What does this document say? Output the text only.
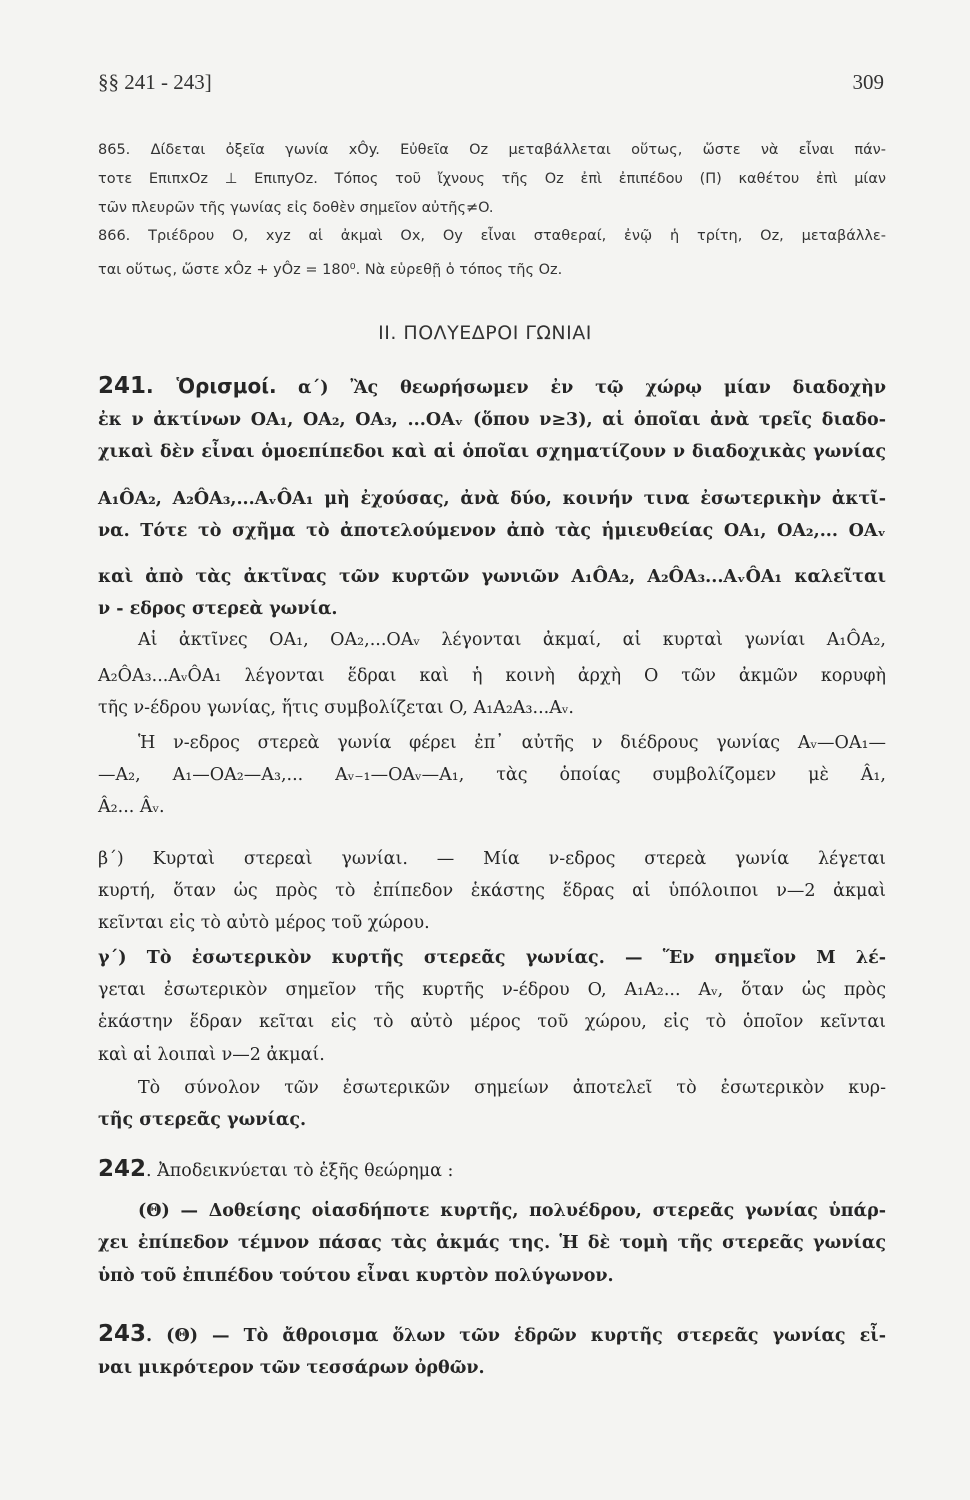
§§ 241 - 243]	309
865. Δίδεται ὀξεῖα γωνία xÔy. Εὐθεῖα Oz μεταβάλλεται οὕτως, ὥστε νὰ εἶναι πάν-
τοτε ΕπιπxOz ⊥ ΕπιπyOz. Τόπος τοῦ ἴχνους τῆς Oz ἐπὶ ἐπιπέδου (Π) καθέτου ἐπὶ μίαν
τῶν πλευρῶν τῆς γωνίας εἰς δοθὲν σημεῖον αὐτῆς≠O.
866. Τριέδρου O, xyz αἱ ἀκμαὶ Ox, Oy εἶναι σταθεραί, ἐνῷ ἡ τρίτη, Oz, μεταβάλλε-
ται οὕτως, ὥστε xÔz + yÔz = 180⁰. Νὰ εὑρεθῇ ὁ τόπος τῆς Oz.
II. ΠΟΛΥΕΔΡΟΙ ΓΩΝΙΑΙ

241. Ὁρισμοί. α΄) Ἂς θεωρήσωμεν ἐν τῷ χώρῳ μίαν διαδοχὴν

ἐκ ν ἀκτίνων OA₁, OA₂, OA₃, ...OAᵥ (ὅπου ν≥3), αἱ ὁποῖαι ἀνὰ τρεῖς διαδο-

χικαὶ δὲν εἶναι ὁμοεπίπεδοι καὶ αἱ ὁποῖαι σχηματίζουν ν διαδοχικὰς γωνίας

A₁ÔA₂, A₂ÔA₃,...AᵥÔA₁ μὴ ἐχούσας, ἀνὰ δύο, κοινήν τινα ἐσωτερικὴν ἀκτῖ-

να. Τότε τὸ σχῆμα τὸ ἀποτελούμενον ἀπὸ τὰς ἡμιευθείας OA₁, OA₂,... OAᵥ

καὶ ἀπὸ τὰς ἀκτῖνας τῶν κυρτῶν γωνιῶν A₁ÔA₂, A₂ÔA₃...AᵥÔA₁ καλεῖται

ν - εδρος στερεὰ γωνία.

Αἱ ἀκτῖνες OA₁, OA₂,...OAᵥ λέγονται ἀκμαί, αἱ κυρταὶ γωνίαι A₁ÔA₂,

A₂ÔA₃...AᵥÔA₁ λέγονται ἕδραι καὶ ἡ κοινὴ ἀρχὴ O τῶν ἀκμῶν κορυφὴ

τῆς ν-έδρου γωνίας, ἥτις συμβολίζεται O, A₁A₂A₃...Aᵥ.

Ἡ ν-εδρος στερεὰ γωνία φέρει ἐπ᾿ αὐτῆς ν διέδρους γωνίας Aᵥ—OA₁—

—A₂, A₁—OA₂—A₃,... Aᵥ₋₁—OAᵥ—A₁, τὰς ὁποίας συμβολίζομεν μὲ Â₁,

Â₂... Âᵥ.

β΄) Κυρταὶ στερεαὶ γωνίαι. — Μία ν-εδρος στερεὰ γωνία λέγεται

κυρτή, ὅταν ὡς πρὸς τὸ ἐπίπεδον ἑκάστης ἕδρας αἱ ὑπόλοιποι ν—2 ἀκμαὶ

κεῖνται εἰς τὸ αὐτὸ μέρος τοῦ χώρου.

γ΄) Τὸ ἐσωτερικὸν κυρτῆς στερεᾶς γωνίας. — Ἕν σημεῖον M λέ-

γεται ἐσωτερικὸν σημεῖον τῆς κυρτῆς ν-έδρου O, A₁A₂... Aᵥ, ὅταν ὡς πρὸς

ἑκάστην ἕδραν κεῖται εἰς τὸ αὐτὸ μέρος τοῦ χώρου, εἰς τὸ ὁποῖον κεῖνται

καὶ αἱ λοιπαὶ ν—2 ἀκμαί.

Τὸ σύνολον τῶν ἐσωτερικῶν σημείων ἀποτελεῖ τὸ ἐσωτερικὸν κυρ-

τῆς στερεᾶς γωνίας.

242. Ἀποδεικνύεται τὸ ἑξῆς θεώρημα :

(Θ) — Δοθείσης οἱασδήποτε κυρτῆς, πολυέδρου, στερεᾶς γωνίας ὑπάρ-

χει ἐπίπεδον τέμνον πάσας τὰς ἀκμάς της. Ἡ δὲ τομὴ τῆς στερεᾶς γωνίας

ὑπὸ τοῦ ἐπιπέδου τούτου εἶναι κυρτὸν πολύγωνον.

243. (Θ) — Τὸ ἄθροισμα ὅλων τῶν ἑδρῶν κυρτῆς στερεᾶς γωνίας εἶ-

ναι μικρότερον τῶν τεσσάρων ὀρθῶν.
